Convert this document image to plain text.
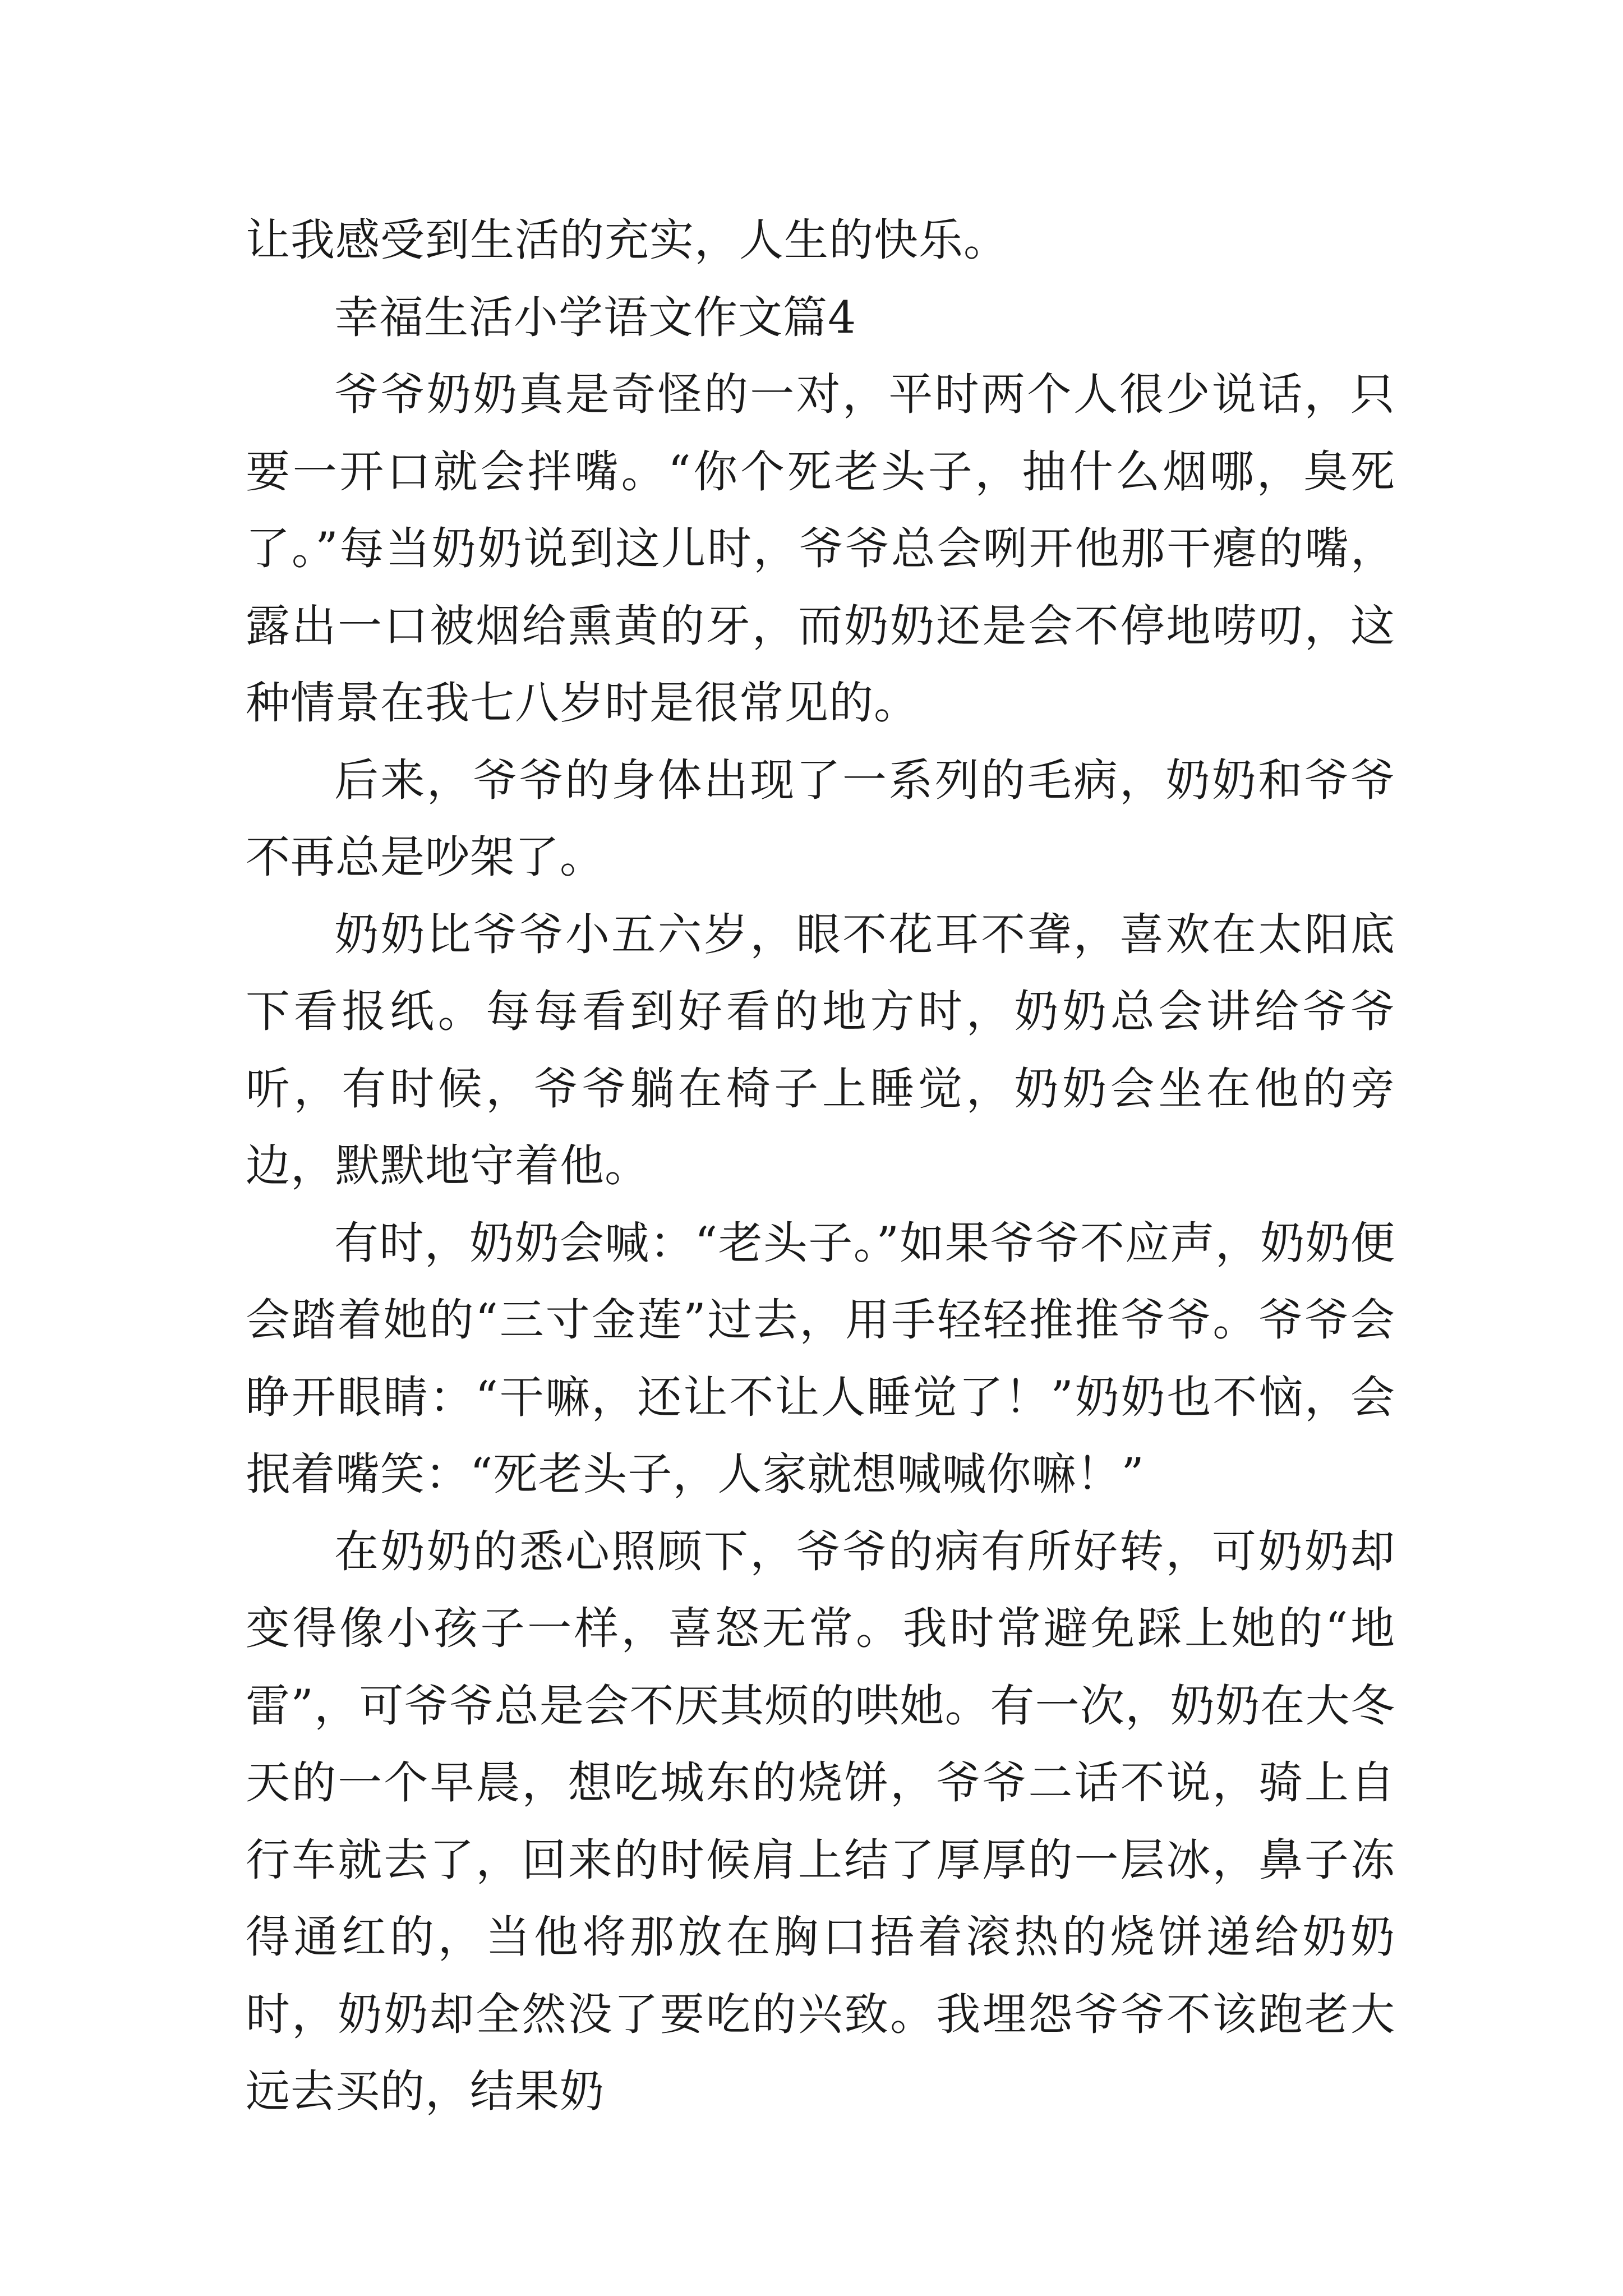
让我感受到生活的充实，人生的快乐。

幸福生活小学语文作文篇4

爷爷奶奶真是奇怪的一对，平时两个人很少说话，只要一开口就会拌嘴。“你个死老头子，抽什么烟哪，臭死了。”每当奶奶说到这儿时，爷爷总会咧开他那干瘪的嘴，露出一口被烟给熏黄的牙，而奶奶还是会不停地唠叨，这种情景在我七八岁时是很常见的。

后来，爷爷的身体出现了一系列的毛病，奶奶和爷爷不再总是吵架了。

奶奶比爷爷小五六岁，眼不花耳不聋，喜欢在太阳底下看报纸。每每看到好看的地方时，奶奶总会讲给爷爷听，有时候，爷爷躺在椅子上睡觉，奶奶会坐在他的旁边，默默地守着他。

有时，奶奶会喊：“老头子。”如果爷爷不应声，奶奶便会踏着她的“三寸金莲”过去，用手轻轻推推爷爷。爷爷会睁开眼睛：“干嘛，还让不让人睡觉了！”奶奶也不恼，会抿着嘴笑：“死老头子，人家就想喊喊你嘛！”

在奶奶的悉心照顾下，爷爷的病有所好转，可奶奶却变得像小孩子一样，喜怒无常。我时常避免踩上她的“地雷”，可爷爷总是会不厌其烦的哄她。有一次，奶奶在大冬天的一个早晨，想吃城东的烧饼，爷爷二话不说，骑上自行车就去了，回来的时候肩上结了厚厚的一层冰，鼻子冻得通红的，当他将那放在胸口捂着滚热的烧饼递给奶奶时，奶奶却全然没了要吃的兴致。我埋怨爷爷不该跑老大远去买的，结果奶
